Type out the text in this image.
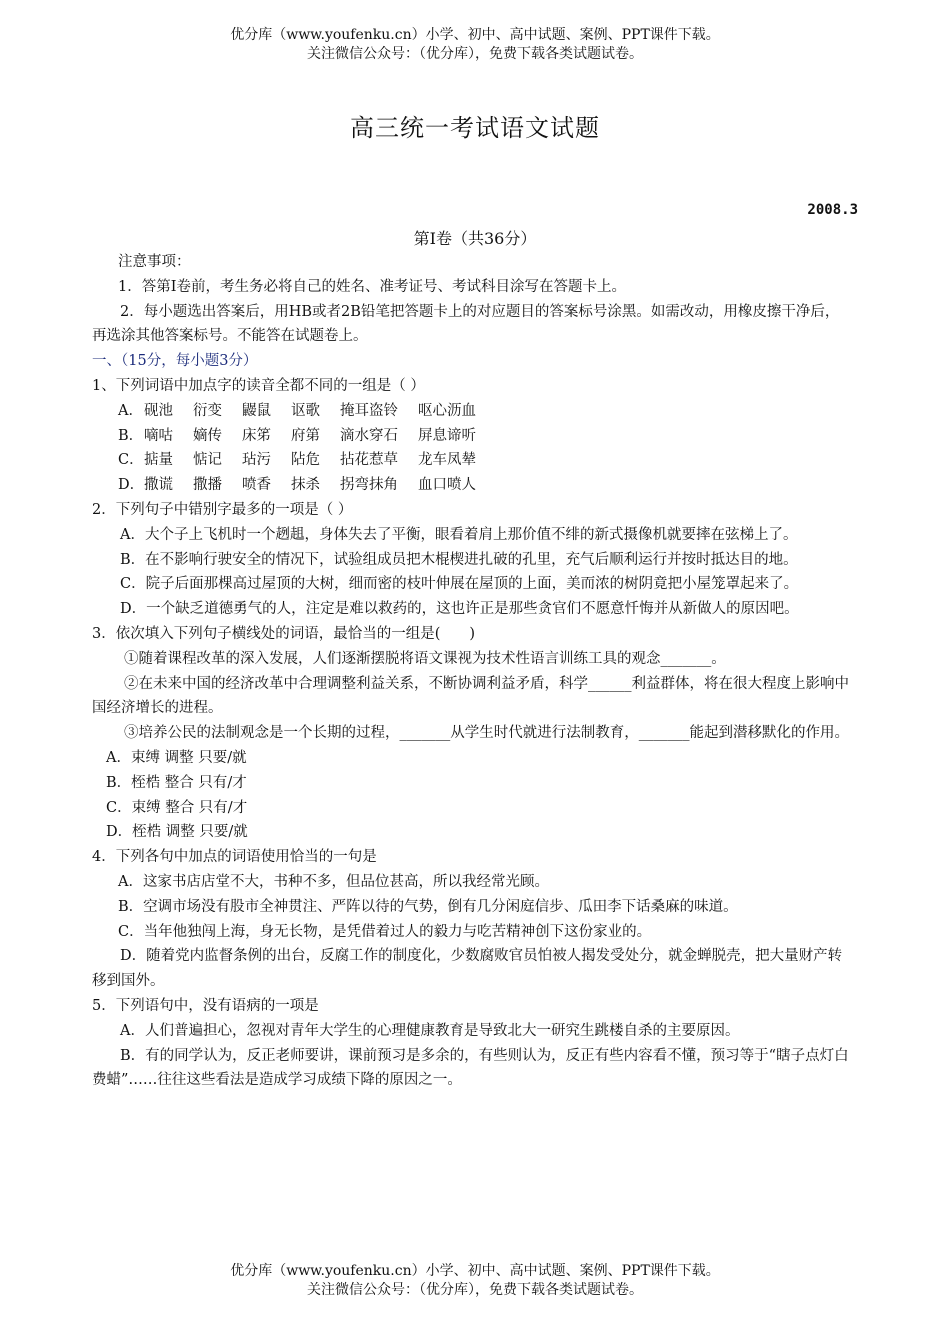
优分库（www.youfenku.cn）小学、初中、高中试题、案例、PPT课件下载。
关注微信公众号：（优分库），免费下载各类试题试卷。
高三统一考试语文试题
2008.3
第Ⅰ卷（共36分）

注意事项：

1．答第Ⅰ卷前，考生务必将自己的姓名、准考证号、考试科目涂写在答题卡上。

2．每小题选出答案后，用HB或者2B铅笔把答题卡上的对应题目的答案标号涂黑。如需改动，用橡皮擦干净后，再选涂其他答案标号。不能答在试题卷上。

一、（15分，每小题3分）

1、下列词语中加点字的读音全都不同的一组是（ ）

A．砚池 衍变 鼹鼠 讴歌 掩耳盗铃 呕心沥血

B．嘀咕 嫡传 床笫 府第 滴水穿石 屏息谛听

C．掂量 惦记 玷污 阽危 拈花惹草 龙车凤辇

D．撒谎 撒播 喷香 抹杀 拐弯抹角 血口喷人

2．下列句子中错别字最多的一项是（ ）

A．大个子上飞机时一个趔趄，身体失去了平衡，眼看着肩上那价值不绯的新式摄像机就要摔在弦梯上了。

B．在不影响行驶安全的情况下，试验组成员把木棍楔进扎破的孔里，充气后顺利运行并按时抵达目的地。

C．院子后面那棵高过屋顶的大树，细而密的枝叶伸展在屋顶的上面，美而浓的树阴竟把小屋笼罩起来了。

D．一个缺乏道德勇气的人，注定是难以救药的，这也许正是那些贪官们不愿意忏悔并从新做人的原因吧。

3．依次填入下列句子横线处的词语，最恰当的一组是(　　)

①随着课程改革的深入发展，人们逐渐摆脱将语文课视为技术性语言训练工具的观念_______。

②在未来中国的经济改革中合理调整利益关系，不断协调利益矛盾，科学______利益群体，将在很大程度上影响中国经济增长的进程。

③培养公民的法制观念是一个长期的过程，_______从学生时代就进行法制教育，_______能起到潜移默化的作用。

A．束缚 调整 只要/就

B．桎梏 整合 只有/才

C．束缚 整合 只有/才

D．桎梏 调整 只要/就

4．下列各句中加点的词语使用恰当的一句是

A．这家书店店堂不大，书种不多，但品位甚高，所以我经常光顾。

B．空调市场没有股市全神贯注、严阵以待的气势，倒有几分闲庭信步、瓜田李下话桑麻的味道。

C．当年他独闯上海，身无长物，是凭借着过人的毅力与吃苦精神创下这份家业的。

D．随着党内监督条例的出台，反腐工作的制度化，少数腐败官员怕被人揭发受处分，就金蝉脱壳，把大量财产转移到国外。

5．下列语句中，没有语病的一项是

A．人们普遍担心，忽视对青年大学生的心理健康教育是导致北大一研究生跳楼自杀的主要原因。

B．有的同学认为，反正老师要讲，课前预习是多余的，有些则认为，反正有些内容看不懂，预习等于“瞎子点灯白费蜡”……往往这些看法是造成学习成绩下降的原因之一。

优分库（www.youfenku.cn）小学、初中、高中试题、案例、PPT课件下载。
关注微信公众号：（优分库），免费下载各类试题试卷。
